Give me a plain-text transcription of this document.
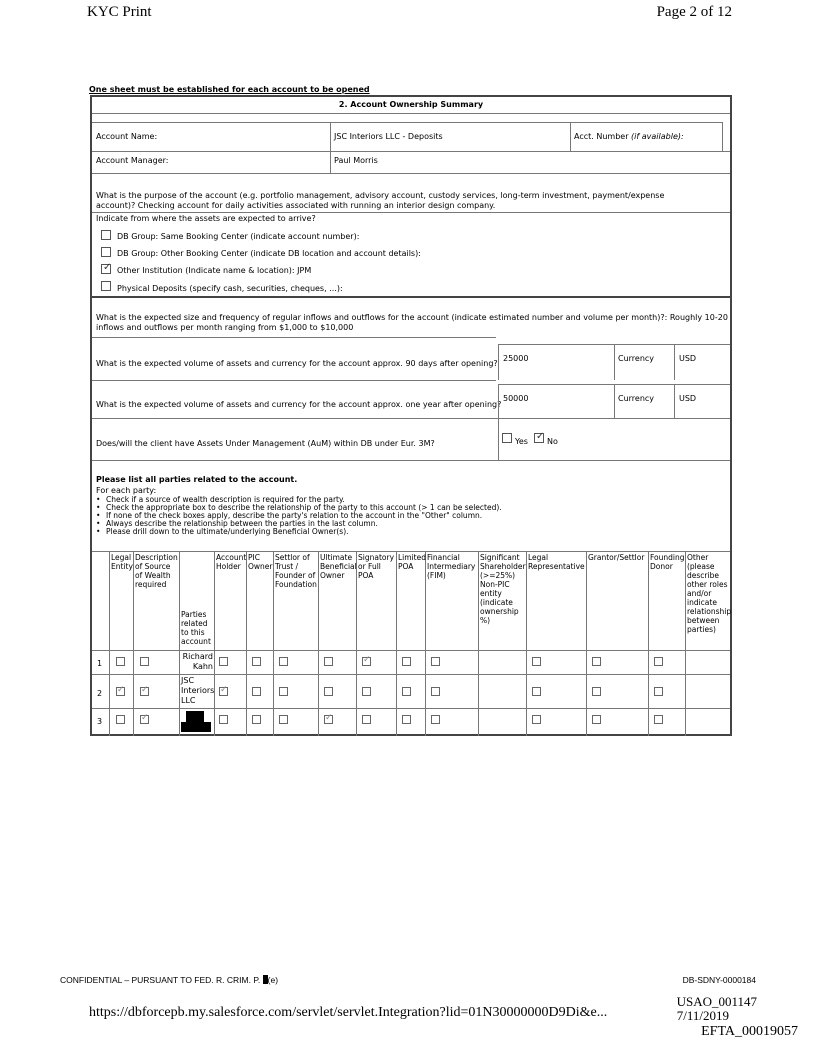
KYC Print	Page 2 of 12
One sheet must be established for each account to be opened
2. Account Ownership Summary
Account Name:	JSC Interiors LLC - Deposits	Acct. Number (if available):
Account Manager:	Paul Morris
What is the purpose of the account (e.g. portfolio management, advisory account, custody services, long-term investment, payment/expense
account)? Checking account for daily activities associated with running an interior design company.
Indicate from where the assets are expected to arrive?
DB Group: Same Booking Center (indicate account number):
DB Group: Other Booking Center (indicate DB location and account details):
✓
Other Institution (Indicate name & location): JPM
Physical Deposits (specify cash, securities, cheques, ...):
What is the expected size and frequency of regular inflows and outflows for the account (indicate estimated number and volume per month)?: Roughly 10-20
inflows and outflows per month ranging from $1,000 to $10,000
What is the expected volume of assets and currency for the account approx. 90 days after opening?
25000	Currency	USD
What is the expected volume of assets and currency for the account approx. one year after opening?
50000	Currency	USD
Does/will the client have Assets Under Management (AuM) within DB under Eur. 3M?	Yes
✓ No
Please list all parties related to the account.
For each party:
• Check if a source of wealth description is required for the party.
• Check the appropriate box to describe the relationship of the party to this account (> 1 can be selected).
• If none of the check boxes apply, describe the party's relation to the account in the "Other" column.
• Always describe the relationship between the parties in the last column.
• Please drill down to the ultimate/underlying Beneficial Owner(s).
Legal Entity
Description of Source of Wealth required
Parties related to this account
Account Holder
PIC Owner
Settlor of Trust / Founder of Foundation
Ultimate Beneficial Owner
Signatory or Full POA
Limited POA
Financial Intermediary (FIM)
Significant Shareholder (>=25%) Non-PIC entity (indicate ownership %)
Legal Representative
Grantor/Settlor Founding Donor
Other (please describe other roles and/or indicate relationship between parties)
1
Richard Kahn
✓
2
✓
✓
JSC Interiors LLC
✓
3
✓
✓
CONFIDENTIAL – PURSUANT TO FED. R. CRIM. P. (e)	DB-SDNY-0000184
https://dbforcepb.my.salesforce.com/servlet/servlet.Integration?lid=01N30000000D9Di&e...
USAO_001147
7/11/2019
EFTA_00019057
